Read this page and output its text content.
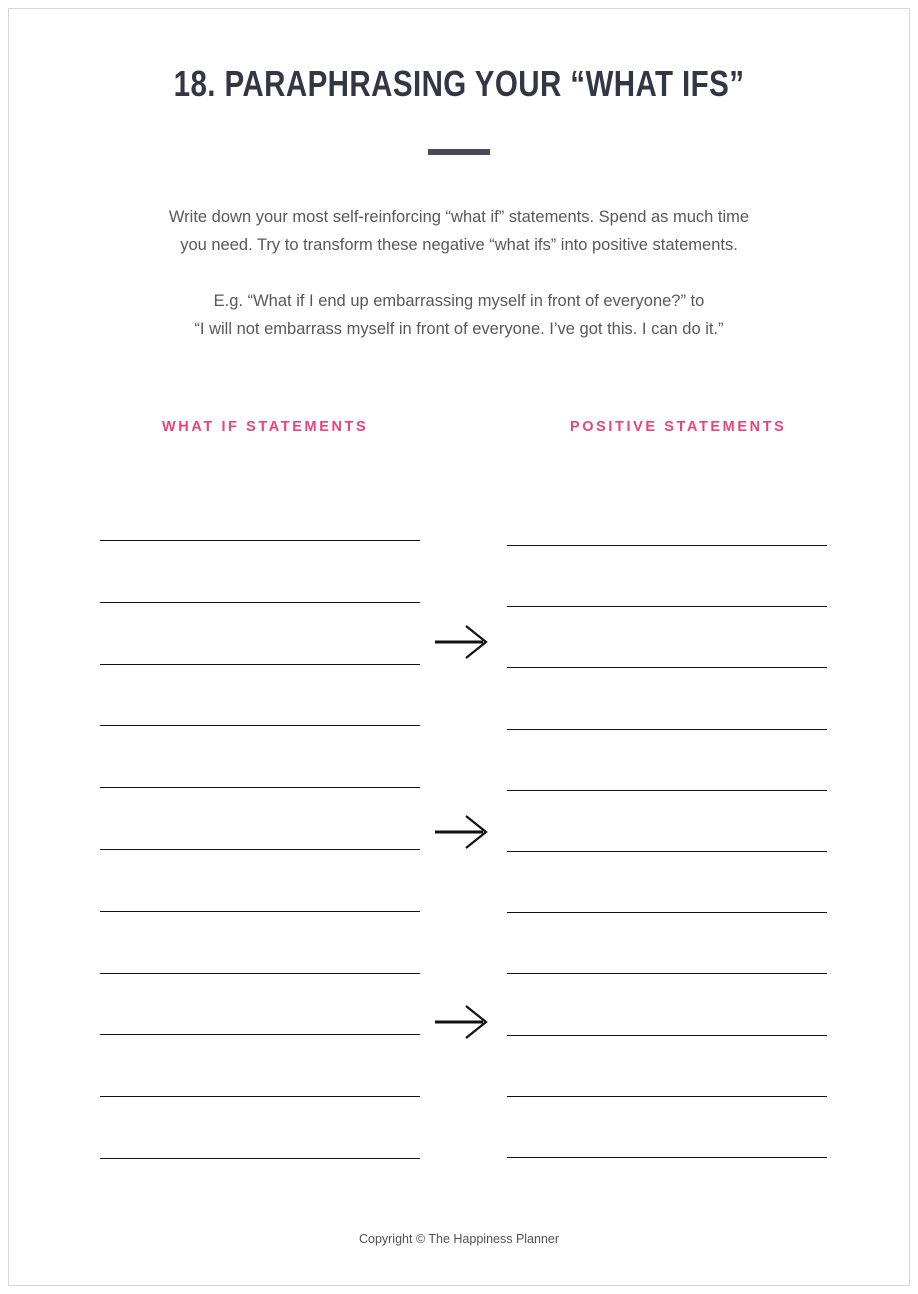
18. PARAPHRASING YOUR “WHAT IFS”
Write down your most self-reinforcing “what if” statements. Spend as much time
you need. Try to transform these negative “what ifs” into positive statements.
E.g. “What if I end up embarrassing myself in front of everyone?” to
“I will not embarrass myself in front of everyone. I’ve got this. I can do it.”
WHAT IF STATEMENTS	POSITIVE STATEMENTS
Copyright © The Happiness Planner
